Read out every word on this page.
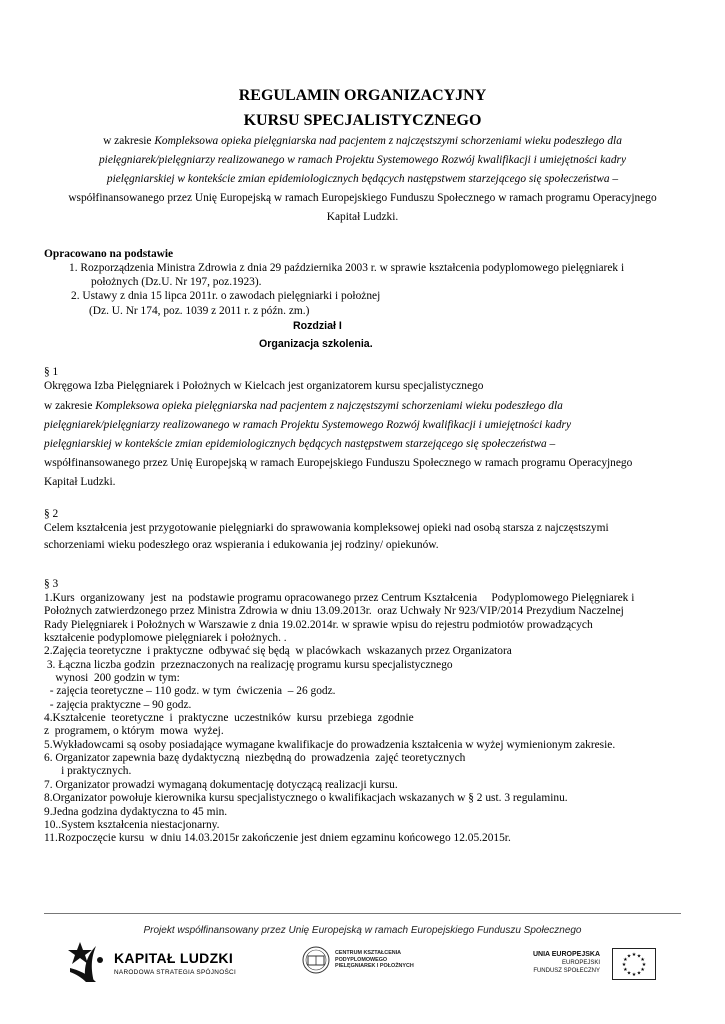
REGULAMIN ORGANIZACYJNY
KURSU SPECJALISTYCZNEGO
w zakresie Kompleksowa opieka pielęgniarska nad pacjentem z najczęstszymi schorzeniami wieku podeszłego dla
pielęgniarek/pielęgniarzy realizowanego w ramach Projektu Systemowego Rozwój kwalifikacji i umiejętności kadry
pielęgniarskiej w kontekście zmian epidemiologicznych będących następstwem starzejącego się społeczeństwa –
współfinansowanego przez Unię Europejską w ramach Europejskiego Funduszu Społecznego w ramach programu Operacyjnego
Kapitał Ludzki.
Opracowano na podstawie
1. Rozporządzenia Ministra Zdrowia z dnia 29 października 2003 r. w sprawie kształcenia podyplomowego pielęgniarek i
położnych (Dz.U. Nr 197, poz.1923).
2. Ustawy z dnia 15 lipca 2011r. o zawodach pielęgniarki i położnej
(Dz. U. Nr 174, poz. 1039 z 2011 r. z późn. zm.)
Rozdział I
Organizacja szkolenia.
§ 1
Okręgowa Izba Pielęgniarek i Położnych w Kielcach jest organizatorem kursu specjalistycznego
w zakresie Kompleksowa opieka pielęgniarska nad pacjentem z najczęstszymi schorzeniami wieku podeszłego dla
pielęgniarek/pielęgniarzy realizowanego w ramach Projektu Systemowego Rozwój kwalifikacji i umiejętności kadry
pielęgniarskiej w kontekście zmian epidemiologicznych będących następstwem starzejącego się społeczeństwa –
współfinansowanego przez Unię Europejską w ramach Europejskiego Funduszu Społecznego w ramach programu Operacyjnego
Kapitał Ludzki.
§ 2
Celem kształcenia jest przygotowanie pielęgniarki do sprawowania kompleksowej opieki nad osobą starsza z najczęstszymi
schorzeniami wieku podeszłego oraz wspierania i edukowania jej rodziny/ opiekunów.
§ 3
1.Kurs  organizowany  jest  na  podstawie programu opracowanego przez Centrum Kształcenia     Podyplomowego Pielęgniarek i
Położnych zatwierdzonego przez Ministra Zdrowia w dniu 13.09.2013r.  oraz Uchwały Nr 923/VIP/2014 Prezydium Naczelnej
Rady Pielęgniarek i Położnych w Warszawie z dnia 19.02.2014r. w sprawie wpisu do rejestru podmiotów prowadzących
kształcenie podyplomowe pielęgniarek i położnych. .
2.Zajęcia teoretyczne  i praktyczne  odbywać się będą  w placówkach  wskazanych przez Organizatora
3. Łączna liczba godzin  przeznaczonych na realizację programu kursu specjalistycznego
wynosi  200 godzin w tym:
- zajęcia teoretyczne – 110 godz. w tym  ćwiczenia  – 26 godz.
- zajęcia praktyczne – 90 godz.
4.Kształcenie  teoretyczne  i  praktyczne  uczestników  kursu  przebiega  zgodnie
z  programem, o którym  mowa  wyżej.
5.Wykładowcami są osoby posiadające wymagane kwalifikacje do prowadzenia kształcenia w wyżej wymienionym zakresie.
6. Organizator zapewnia bazę dydaktyczną  niezbędną do  prowadzenia  zajęć teoretycznych
i praktycznych.
7. Organizator prowadzi wymaganą dokumentację dotyczącą realizacji kursu.
8.Organizator powołuje kierownika kursu specjalistycznego o kwalifikacjach wskazanych w § 2 ust. 3 regulaminu.
9.Jedna godzina dydaktyczna to 45 min.
10..System kształcenia niestacjonarny.
11.Rozpoczęcie kursu  w dniu 14.03.2015r zakończenie jest dniem egzaminu końcowego 12.05.2015r.
Projekt współfinansowany przez Unię Europejską w ramach Europejskiego Funduszu Społecznego
KAPITAŁ LUDZKI
NARODOWA STRATEGIA SPÓJNOŚCI
CENTRUM KSZTAŁCENIA
PODYPLOMOWEGO
PIELĘGNIAREK I POŁOŻNYCH
UNIA EUROPEJSKA
EUROPEJSKI
FUNDUSZ SPOŁECZNY
★
★
★
★
★
★
★
★
★ ★ ★
★
